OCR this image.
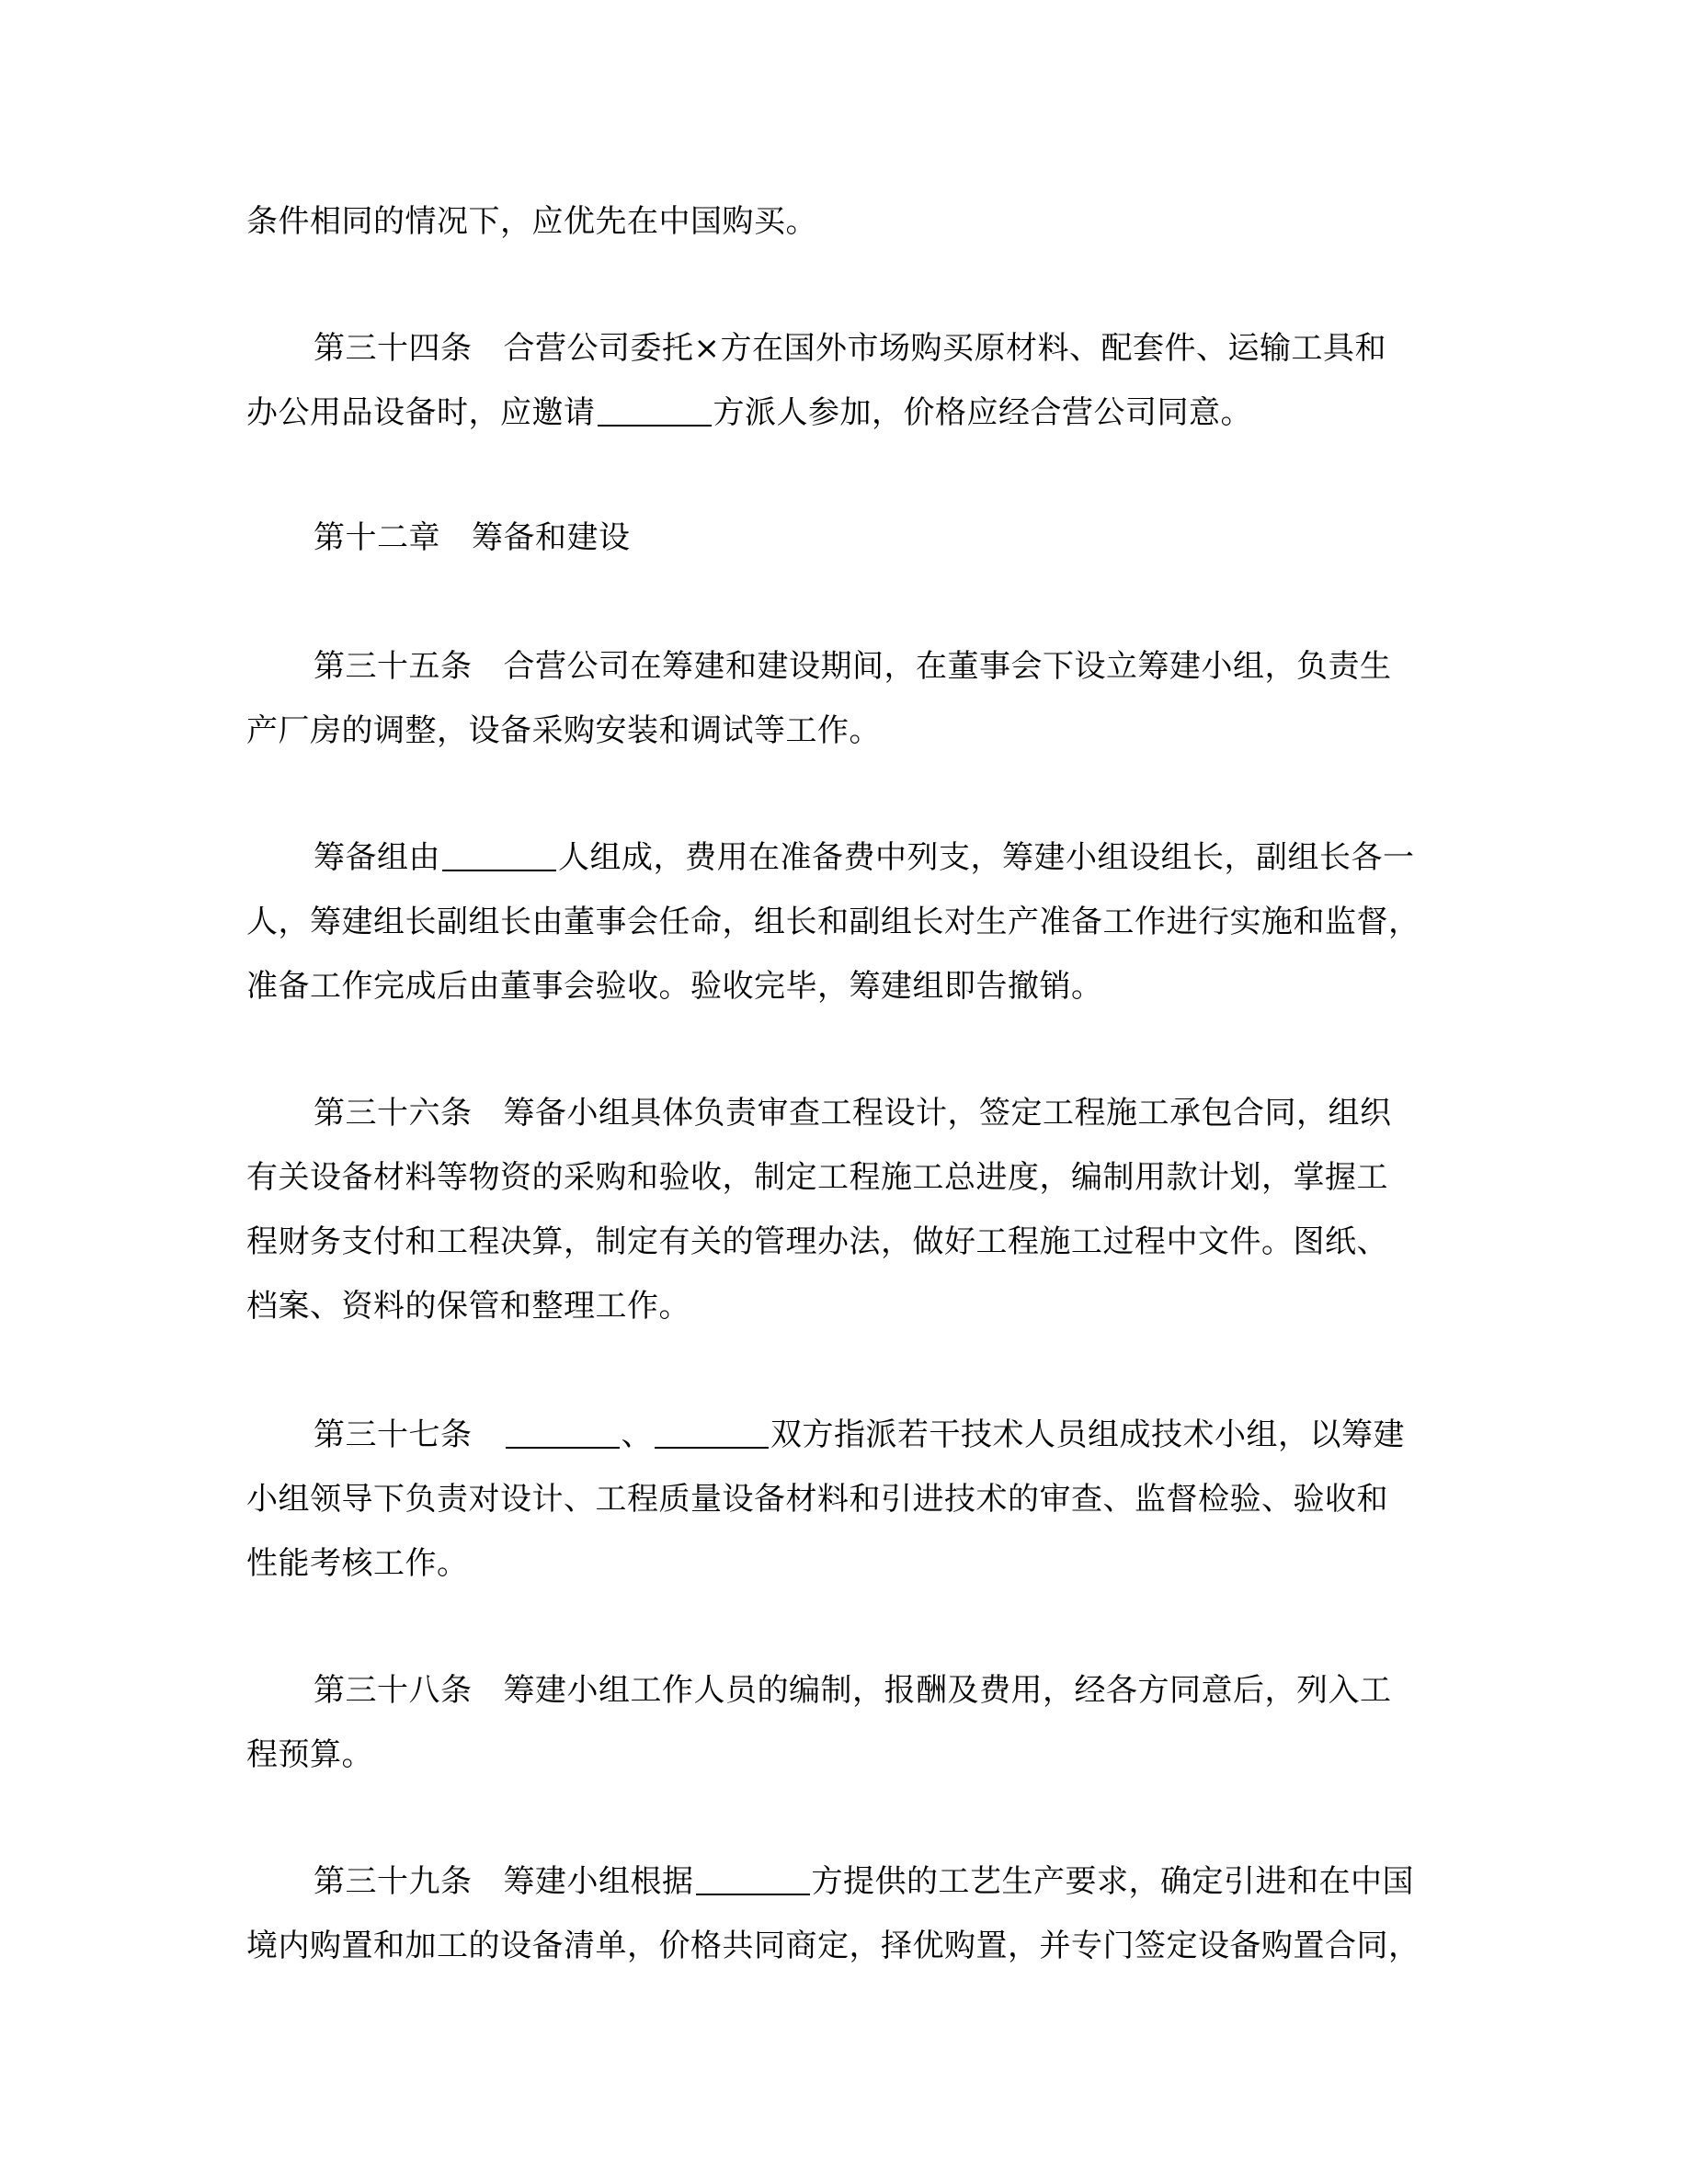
条件相同的情况下，应优先在中国购买。
第三十四条 合营公司委托×方在国外市场购买原材料、配套件、运输工具和
办公用品设备时，应邀请	方派人参加，价格应经合营公司同意。
第十二章 筹备和建设
第三十五条 合营公司在筹建和建设期间，在董事会下设立筹建小组，负责生
产厂房的调整，设备采购安装和调试等工作。
筹备组由	人组成，费用在准备费中列支，筹建小组设组长，副组长各一
人，筹建组长副组长由董事会任命，组长和副组长对生产准备工作进行实施和监督，
准备工作完成后由董事会验收。验收完毕，筹建组即告撤销。
第三十六条 筹备小组具体负责审查工程设计，签定工程施工承包合同，组织
有关设备材料等物资的采购和验收，制定工程施工总进度，编制用款计划，掌握工
程财务支付和工程决算，制定有关的管理办法，做好工程施工过程中文件。图纸、
档案、资料的保管和整理工作。
第三十七条	、	双方指派若干技术人员组成技术小组，以筹建
小组领导下负责对设计、工程质量设备材料和引进技术的审查、监督检验、验收和
性能考核工作。
第三十八条 筹建小组工作人员的编制，报酬及费用，经各方同意后，列入工
程预算。
第三十九条 筹建小组根据	方提供的工艺生产要求，确定引进和在中国
境内购置和加工的设备清单，价格共同商定，择优购置，并专门签定设备购置合同，
